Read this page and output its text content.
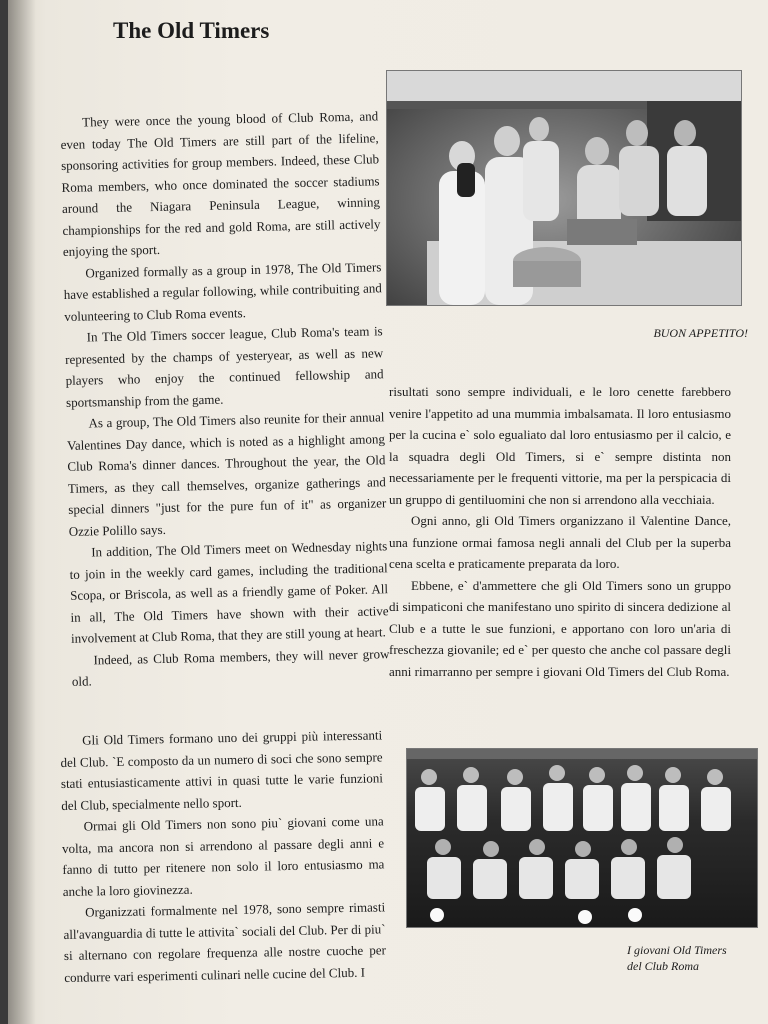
The Old Timers

They were once the young blood of Club Roma, and even today The Old Timers are still part of the lifeline, sponsoring activities for group members. Indeed, these Club Roma members, who once dominated the soccer stadiums around the Niagara Peninsula League, winning championships for the red and gold Roma, are still actively enjoying the sport.

Organized formally as a group in 1978, The Old Timers have established a regular following, while contribuiting and volunteering to Club Roma events.

In The Old Timers soccer league, Club Roma's team is represented by the champs of yesteryear, as well as new players who enjoy the continued fellowship and sportsmanship from the game.

As a group, The Old Timers also reunite for their annual Valentines Day dance, which is noted as a highlight among Club Roma's dinner dances. Throughout the year, the Old Timers, as they call themselves, organize gatherings and special dinners "just for the pure fun of it" as organizer Ozzie Polillo says.

In addition, The Old Timers meet on Wednesday nights to join in the weekly card games, including the traditional Scopa, or Briscola, as well as a friendly game of Poker. All in all, The Old Timers have shown with their active involvement at Club Roma, that they are still young at heart.

Indeed, as Club Roma members, they will never grow old.

BUON APPETITO!

risultati sono sempre individuali, e le loro cenette farebbero venire l'appetito ad una mummia imbalsamata. Il loro entusiasmo per la cucina e` solo egualiato dal loro entusiasmo per il calcio, e la squadra degli Old Timers, si e` sempre distinta non necessariamente per le frequenti vittorie, ma per la perspicacia di un gruppo di gentiluomini che non si arrendono alla vecchiaia.

Ogni anno, gli Old Timers organizzano il Valentine Dance, una funzione ormai famosa negli annali del Club per la superba cena scelta e praticamente preparata da loro.

Ebbene, e` d'ammettere che gli Old Timers sono un gruppo di simpaticoni che manifestano uno spirito di sincera dedizione al Club e a tutte le sue funzioni, e apportano con loro un'aria di freschezza giovanile; ed e` per questo che anche col passare degli anni rimarranno per sempre i giovani Old Timers del Club Roma.

Gli Old Timers formano uno dei gruppi più interessanti del Club. `E composto da un numero di soci che sono sempre stati entusiasticamente attivi in quasi tutte le varie funzioni del Club, specialmente nello sport.

Ormai gli Old Timers non sono piu` giovani come una volta, ma ancora non si arrendono al passare degli anni e fanno di tutto per ritenere non solo il loro entusiasmo ma anche la loro giovinezza.

Organizzati formalmente nel 1978, sono sempre rimasti all'avanguardia di tutte le attivita` sociali del Club. Per di piu` si alternano con regolare frequenza alle nostre cuoche per condurre vari esperimenti culinari nelle cucine del Club. I

I giovani Old Timers
del Club Roma
